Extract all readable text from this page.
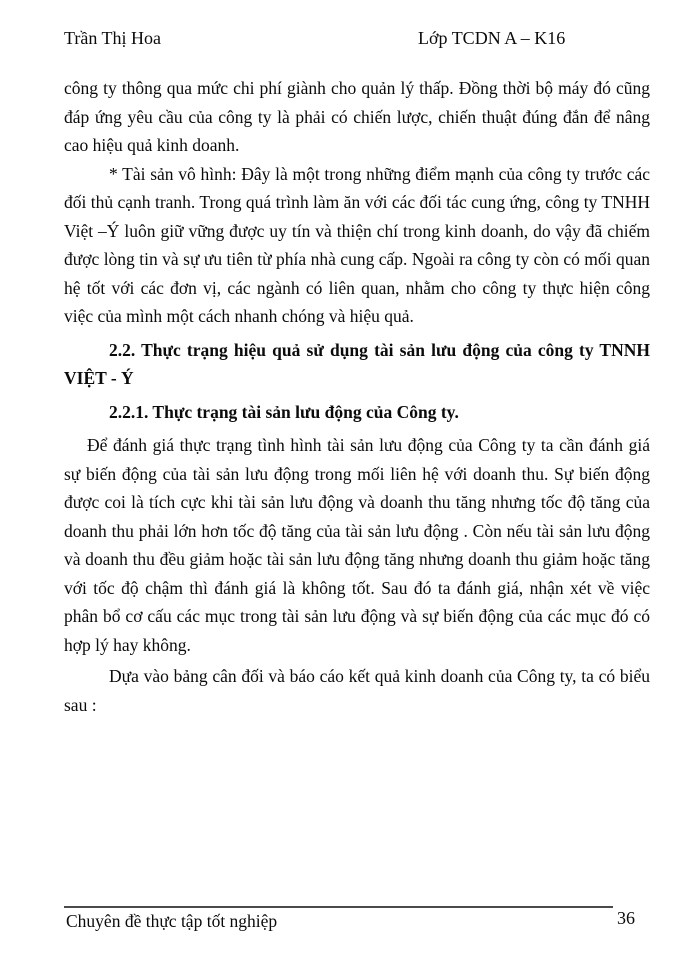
Trần Thị Hoa	Lớp TCDN A – K16

công ty thông qua mức chi phí giành cho quản lý thấp. Đồng thời bộ máy đó cũng đáp ứng yêu cầu của công ty là phải có chiến lược, chiến thuật đúng đắn để nâng cao hiệu quả kinh doanh.

* Tài sản vô hình: Đây là một trong những điểm mạnh của công ty trước các đối thủ cạnh tranh. Trong quá trình làm ăn với các đối tác cung ứng, công ty TNHH Việt –Ý luôn giữ vững được uy tín và thiện chí trong kinh doanh, do vậy đã chiếm được lòng tin và sự ưu tiên từ phía nhà cung cấp. Ngoài ra công ty còn có mối quan hệ tốt với các đơn vị, các ngành có liên quan, nhằm cho công ty thực hiện công việc của mình một cách nhanh chóng và hiệu quả.

2.2. Thực trạng hiệu quả sử dụng tài sản lưu động của công ty TNNH VIỆT - Ý
2.2.1. Thực trạng tài sản lưu động của Công ty.

Để đánh giá thực trạng tình hình tài sản lưu động của Công ty ta cần đánh giá sự biến động của tài sản lưu động trong mối liên hệ với doanh thu. Sự biến động được coi là tích cực khi tài sản lưu động và doanh thu tăng nhưng tốc độ tăng của doanh thu phải lớn hơn tốc độ tăng của tài sản lưu động . Còn nếu tài sản lưu động và doanh thu đều giảm hoặc tài sản lưu động tăng nhưng doanh thu giảm hoặc tăng với tốc độ chậm thì đánh giá là không tốt. Sau đó ta đánh giá, nhận xét về việc phân bổ cơ cấu các mục trong tài sản lưu động và sự biến động của các mục đó có hợp lý hay không.

Dựa vào bảng cân đối và báo cáo kết quả kinh doanh của Công ty, ta có biểu sau :

36
Chuyên đề thực tập tốt nghiệp
